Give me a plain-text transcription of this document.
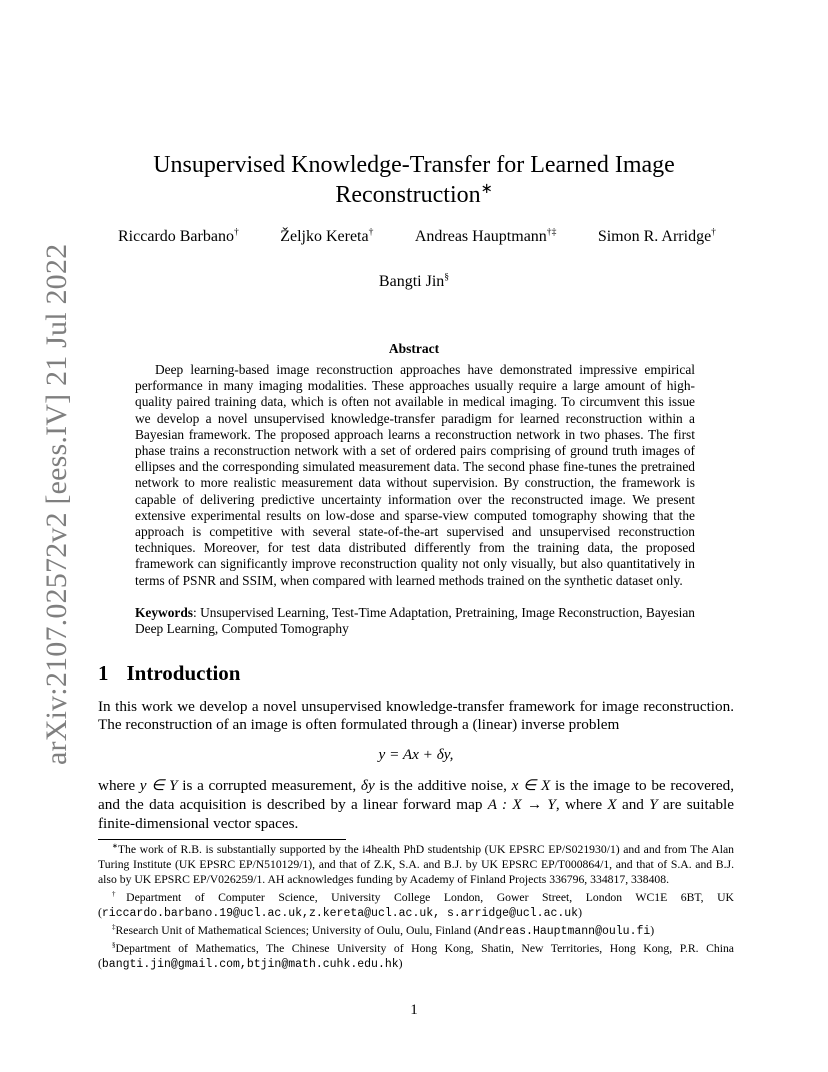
arXiv:2107.02572v2 [eess.IV] 21 Jul 2022
Unsupervised Knowledge-Transfer for Learned Image
Reconstruction∗
Riccardo Barbano†	Željko Kereta†	Andreas Hauptmann†‡	Simon R. Arridge†
Bangti Jin§
Abstract

Deep learning-based image reconstruction approaches have demonstrated impressive empirical performance in many imaging modalities. These approaches usually require a large amount of high-quality paired training data, which is often not available in medical imaging. To circumvent this issue we develop a novel unsupervised knowledge-transfer paradigm for learned reconstruction within a Bayesian framework. The proposed approach learns a reconstruction network in two phases. The first phase trains a reconstruction network with a set of ordered pairs comprising of ground truth images of ellipses and the corresponding simulated measurement data. The second phase fine-tunes the pretrained network to more realistic measurement data without supervision. By construction, the framework is capable of delivering predictive uncertainty information over the reconstructed image. We present extensive experimental results on low-dose and sparse-view computed tomography showing that the approach is competitive with several state-of-the-art supervised and unsupervised reconstruction techniques. Moreover, for test data distributed differently from the training data, the proposed framework can significantly improve reconstruction quality not only visually, but also quantitatively in terms of PSNR and SSIM, when compared with learned methods trained on the synthetic dataset only.

Keywords: Unsupervised Learning, Test-Time Adaptation, Pretraining, Image Reconstruction, Bayesian Deep Learning, Computed Tomography

1 Introduction

In this work we develop a novel unsupervised knowledge-transfer framework for image reconstruction. The reconstruction of an image is often formulated through a (linear) inverse problem

y = Ax + δy,

where y ∈ Y is a corrupted measurement, δy is the additive noise, x ∈ X is the image to be recovered, and the data acquisition is described by a linear forward map A : X → Y, where X and Y are suitable finite-dimensional vector spaces.

∗The work of R.B. is substantially supported by the i4health PhD studentship (UK EPSRC EP/S021930/1) and and from The Alan Turing Institute (UK EPSRC EP/N510129/1), and that of Z.K, S.A. and B.J. by UK EPSRC EP/T000864/1, and that of S.A. and B.J. also by UK EPSRC EP/V026259/1. AH acknowledges funding by Academy of Finland Projects 336796, 334817, 338408.

†Department of Computer Science, University College London, Gower Street, London WC1E 6BT, UK (riccardo.barbano.19@ucl.ac.uk,z.kereta@ucl.ac.uk, s.arridge@ucl.ac.uk)

‡Research Unit of Mathematical Sciences; University of Oulu, Oulu, Finland (Andreas.Hauptmann@oulu.fi)

§Department of Mathematics, The Chinese University of Hong Kong, Shatin, New Territories, Hong Kong, P.R. China (bangti.jin@gmail.com,btjin@math.cuhk.edu.hk)

1
